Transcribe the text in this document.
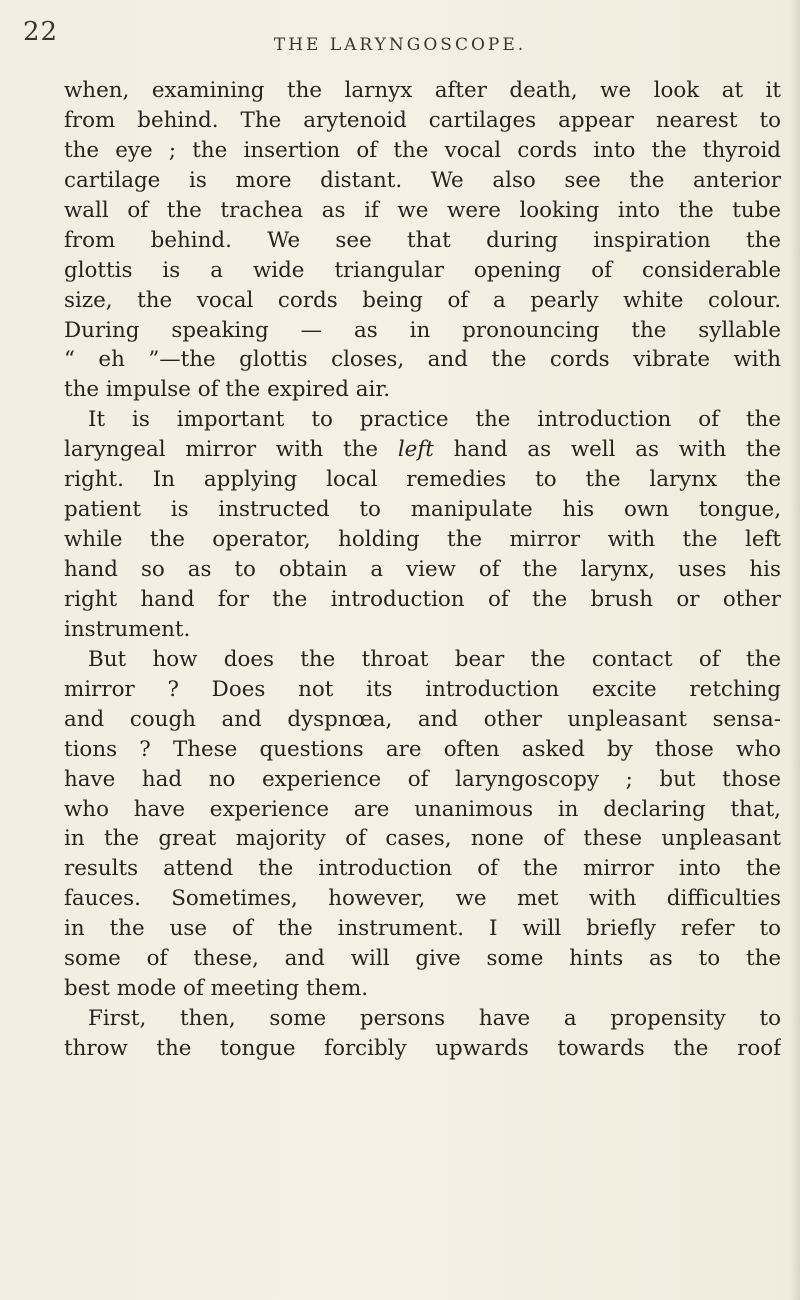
22	THE LARYNGOSCOPE.
when, examining the larnyx after death, we look at it
from behind. The arytenoid cartilages appear nearest to
the eye ; the insertion of the vocal cords into the thyroid
cartilage is more distant. We also see the anterior
wall of the trachea as if we were looking into the tube
from behind. We see that during inspiration the
glottis is a wide triangular opening of considerable
size, the vocal cords being of a pearly white colour.
During speaking — as in pronouncing the syllable
“ eh ”—the glottis closes, and the cords vibrate with
the impulse of the expired air.
It is important to practice the introduction of the
laryngeal mirror with the left hand as well as with the
right. In applying local remedies to the larynx the
patient is instructed to manipulate his own tongue,
while the operator, holding the mirror with the left
hand so as to obtain a view of the larynx, uses his
right hand for the introduction of the brush or other
instrument.
But how does the throat bear the contact of the
mirror ? Does not its introduction excite retching
and cough and dyspnœa, and other unpleasant sensa-
tions ? These questions are often asked by those who
have had no experience of laryngoscopy ; but those
who have experience are unanimous in declaring that,
in the great majority of cases, none of these unpleasant
results attend the introduction of the mirror into the
fauces. Sometimes, however, we met with difficulties
in the use of the instrument. I will briefly refer to
some of these, and will give some hints as to the
best mode of meeting them.
First, then, some persons have a propensity to
throw the tongue forcibly upwards towards the roof
